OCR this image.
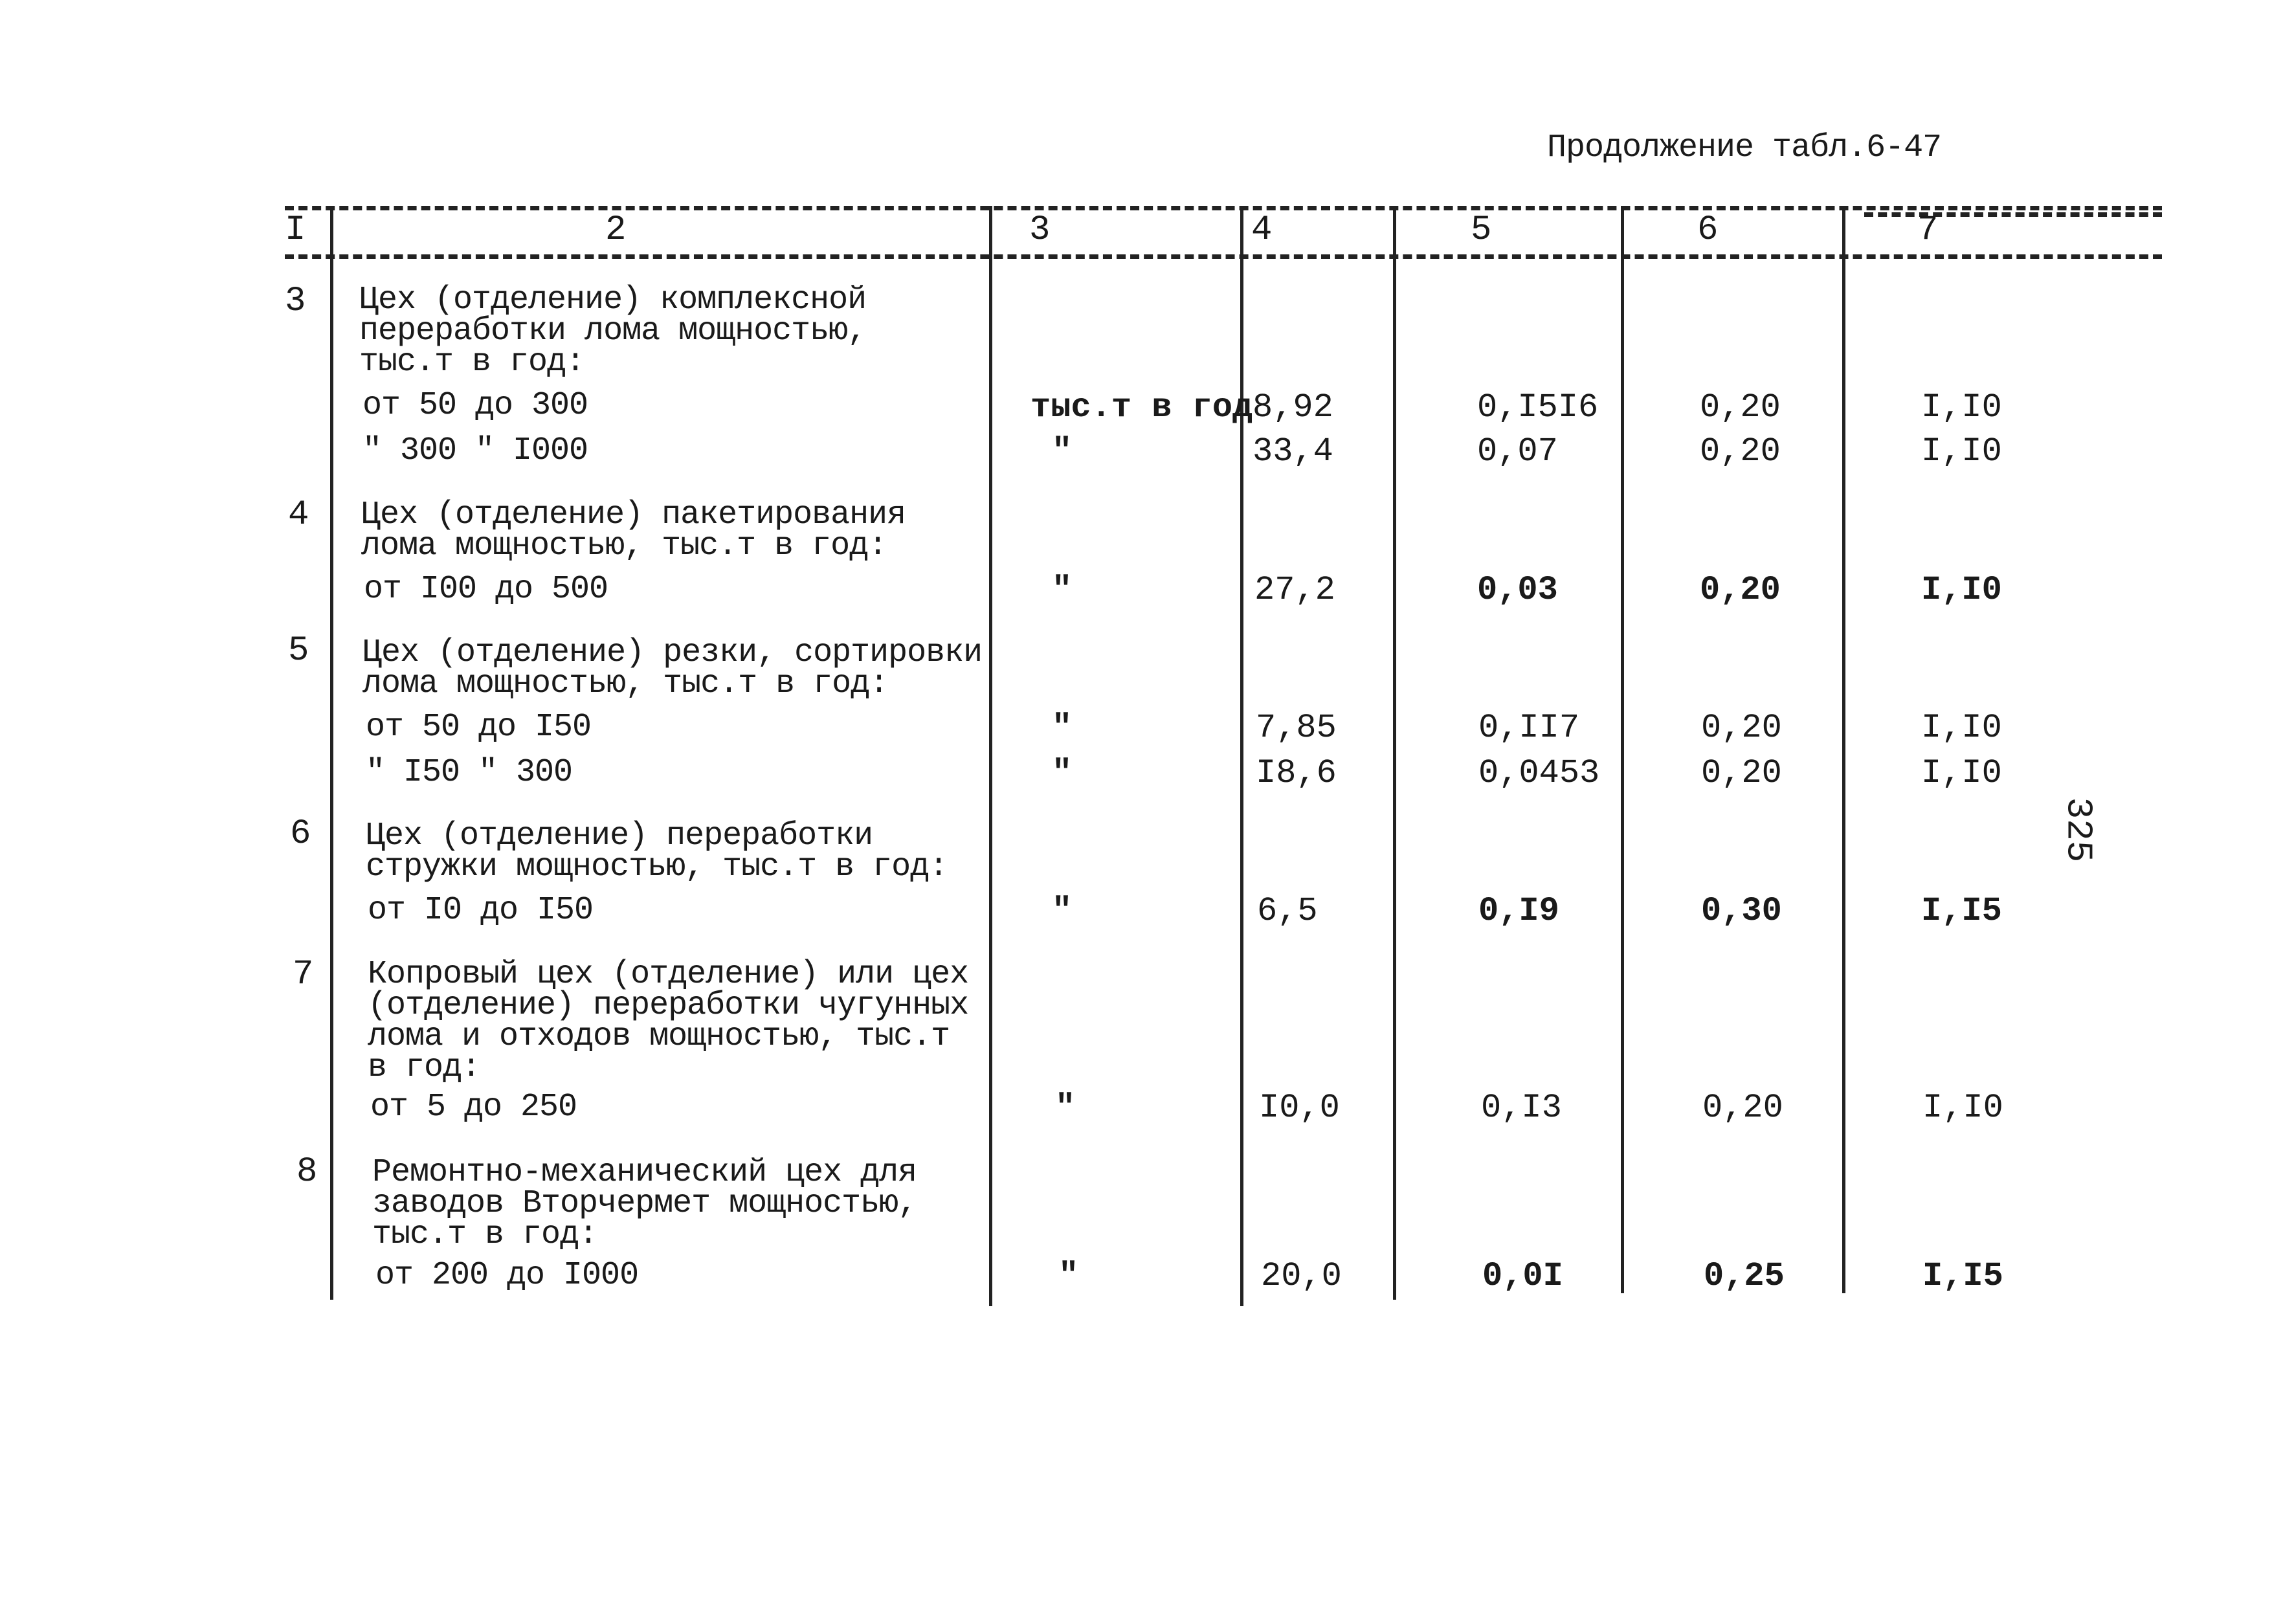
Продолжение табл.6-47
I	2	3	4	5	6	7
3 Цех (отделение) комплексной
переработки лома мощностью,
тыс.т в год:
от 50 до 300	тыс.т в год 8,92	0,I5I6	0,20	I,I0
" 300 " I000	"	33,4	0,07	0,20	I,I0
4 Цех (отделение) пакетирования
лома мощностью, тыс.т в год:
от I00 до 500	"	27,2	0,03	0,20	I,I0
5 Цех (отделение) резки, сортировки
лома мощностью, тыс.т в год:
от 50 до I50	"	7,85	0,II7	0,20	I,I0
" I50 " 300	"	I8,6	0,0453	0,20	I,I0
6 Цех (отделение) переработки
стружки мощностью, тыс.т в год:
от I0 до I50	"	6,5	0,I9	0,30	I,I5
7 Копровый цех (отделение) или цех
(отделение) переработки чугунных
лома и отходов мощностью, тыс.т
в год:
от 5 до 250	"	I0,0	0,I3	0,20	I,I0
8 Ремонтно-механический цех для
заводов Вторчермет мощностью,
тыс.т в год:
от 200 до I000	"	20,0	0,0I	0,25	I,I5
325
